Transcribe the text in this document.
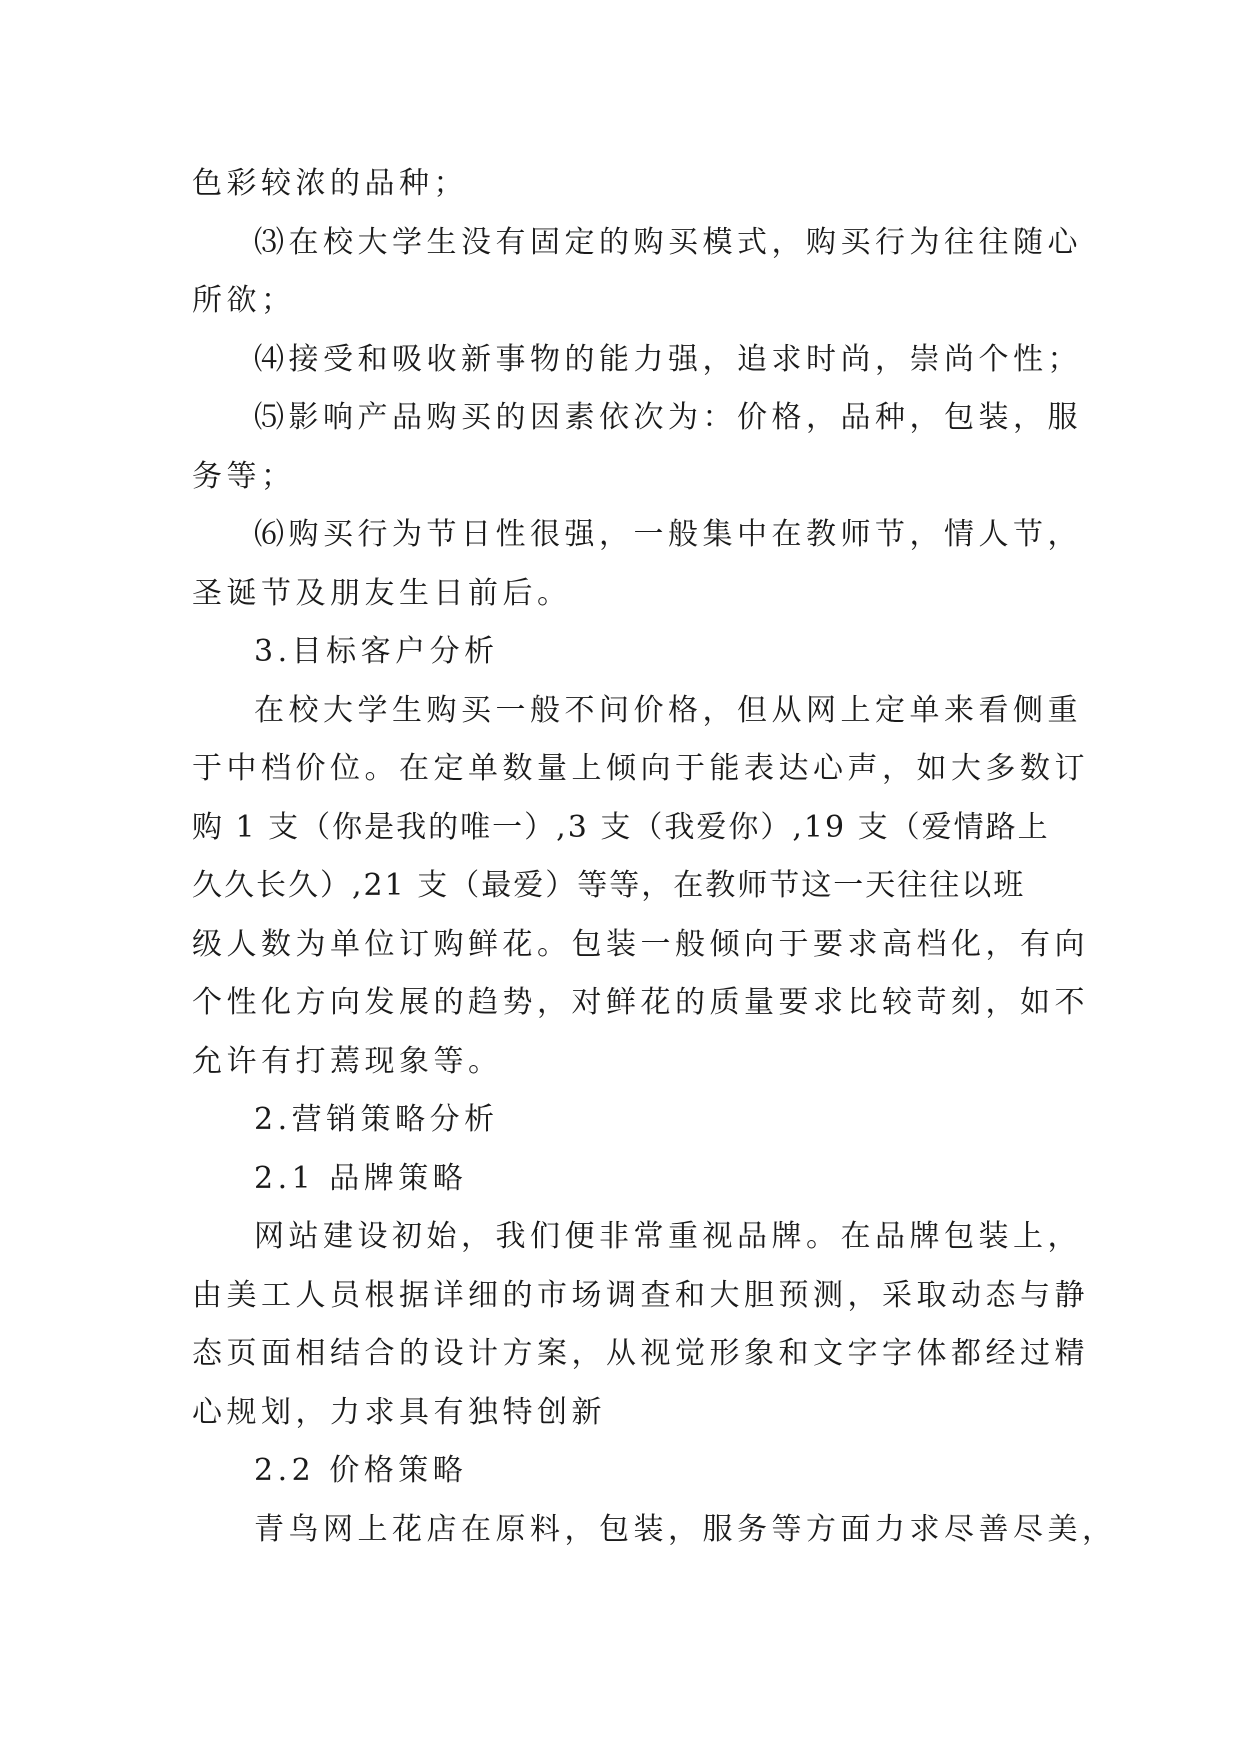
色彩较浓的品种；
⑶在校大学生没有固定的购买模式，购买行为往往随心
所欲；
⑷接受和吸收新事物的能力强，追求时尚，崇尚个性；
⑸影响产品购买的因素依次为：价格，品种，包装，服
务等；
⑹购买行为节日性很强，一般集中在教师节，情人节，
圣诞节及朋友生日前后。
3.目标客户分析
在校大学生购买一般不问价格，但从网上定单来看侧重
于中档价位。在定单数量上倾向于能表达心声，如大多数订
购 1 支（你是我的唯一）,3 支（我爱你）,19 支（爱情路上
久久长久）,21 支（最爱）等等，在教师节这一天往往以班
级人数为单位订购鲜花。包装一般倾向于要求高档化，有向
个性化方向发展的趋势，对鲜花的质量要求比较苛刻，如不
允许有打蔫现象等。
2.营销策略分析
2.1 品牌策略
网站建设初始，我们便非常重视品牌。在品牌包装上，
由美工人员根据详细的市场调查和大胆预测，采取动态与静
态页面相结合的设计方案，从视觉形象和文字字体都经过精
心规划，力求具有独特创新
2.2 价格策略
青鸟网上花店在原料，包装，服务等方面力求尽善尽美，
